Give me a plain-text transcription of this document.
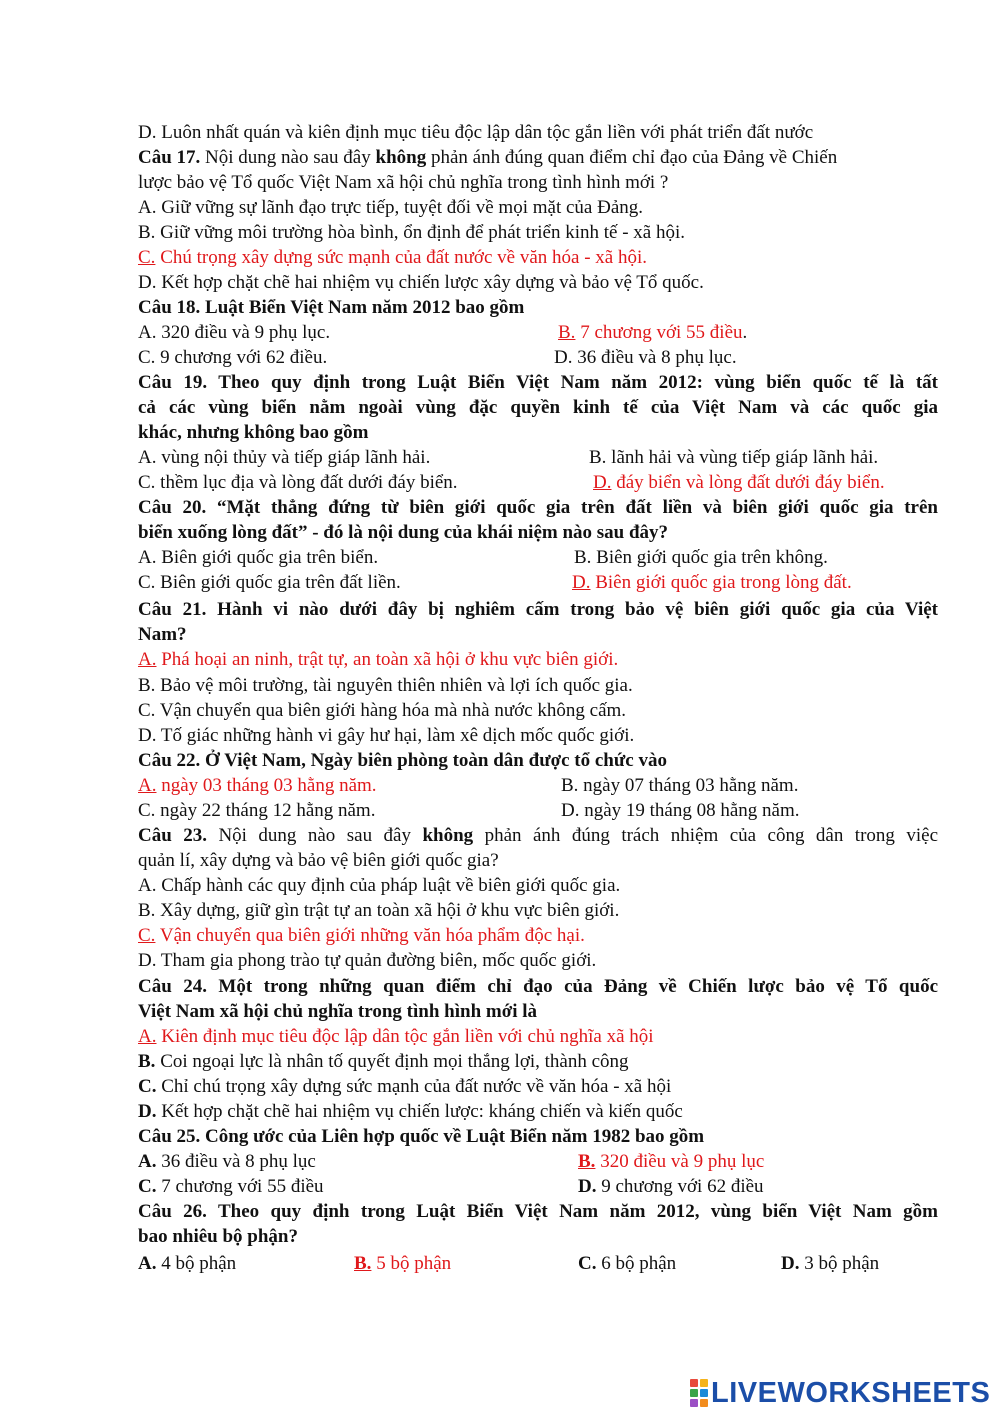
D. Luôn nhất quán và kiên định mục tiêu độc lập dân tộc gắn liền với phát triển đất nước
Câu 17. Nội dung nào sau đây không phản ánh đúng quan điểm chỉ đạo của Đảng về Chiến
lược bảo vệ Tổ quốc Việt Nam xã hội chủ nghĩa trong tình hình mới ?
A. Giữ vững sự lãnh đạo trực tiếp, tuyệt đối về mọi mặt của Đảng.
B. Giữ vững môi trường hòa bình, ổn định để phát triển kinh tế - xã hội.
C. Chú trọng xây dựng sức mạnh của đất nước về văn hóa - xã hội.
D. Kết hợp chặt chẽ hai nhiệm vụ chiến lược xây dựng và bảo vệ Tổ quốc.
Câu 18. Luật Biển Việt Nam năm 2012 bao gồm
A. 320 điều và 9 phụ lục.	B. 7 chương với 55 điều.
C. 9 chương với 62 điều.	D. 36 điều và 8 phụ lục.
Câu 19. Theo quy định trong Luật Biển Việt Nam năm 2012: vùng biển quốc tế là tất
cả các vùng biển nằm ngoài vùng đặc quyền kinh tế của Việt Nam và các quốc gia
khác, nhưng không bao gồm
A. vùng nội thủy và tiếp giáp lãnh hải.	B. lãnh hải và vùng tiếp giáp lãnh hải.
C. thềm lục địa và lòng đất dưới đáy biển.	D. đáy biển và lòng đất dưới đáy biển.
Câu 20. “Mặt thẳng đứng từ biên giới quốc gia trên đất liền và biên giới quốc gia trên
biển xuống lòng đất” - đó là nội dung của khái niệm nào sau đây?
A. Biên giới quốc gia trên biển.	B. Biên giới quốc gia trên không.
C. Biên giới quốc gia trên đất liền.	D. Biên giới quốc gia trong lòng đất.
Câu 21. Hành vi nào dưới đây bị nghiêm cấm trong bảo vệ biên giới quốc gia của Việt
Nam?
A. Phá hoại an ninh, trật tự, an toàn xã hội ở khu vực biên giới.
B. Bảo vệ môi trường, tài nguyên thiên nhiên và lợi ích quốc gia.
C. Vận chuyển qua biên giới hàng hóa mà nhà nước không cấm.
D. Tố giác những hành vi gây hư hại, làm xê dịch mốc quốc giới.
Câu 22. Ở Việt Nam, Ngày biên phòng toàn dân được tổ chức vào
A. ngày 03 tháng 03 hằng năm.	B. ngày 07 tháng 03 hằng năm.
C. ngày 22 tháng 12 hằng năm.	D. ngày 19 tháng 08 hằng năm.
Câu 23. Nội dung nào sau đây không phản ánh đúng trách nhiệm của công dân trong việc
quản lí, xây dựng và bảo vệ biên giới quốc gia?
A. Chấp hành các quy định của pháp luật về biên giới quốc gia.
B. Xây dựng, giữ gìn trật tự an toàn xã hội ở khu vực biên giới.
C. Vận chuyển qua biên giới những văn hóa phẩm độc hại.
D. Tham gia phong trào tự quản đường biên, mốc quốc giới.
Câu 24. Một trong những quan điểm chỉ đạo của Đảng về Chiến lược bảo vệ Tổ quốc
Việt Nam xã hội chủ nghĩa trong tình hình mới là
A. Kiên định mục tiêu độc lập dân tộc gắn liền với chủ nghĩa xã hội
B. Coi ngoại lực là nhân tố quyết định mọi thắng lợi, thành công
C. Chỉ chú trọng xây dựng sức mạnh của đất nước về văn hóa - xã hội
D. Kết hợp chặt chẽ hai nhiệm vụ chiến lược: kháng chiến và kiến quốc
Câu 25. Công ước của Liên hợp quốc về Luật Biển năm 1982 bao gồm
A. 36 điều và 8 phụ lục	B. 320 điều và 9 phụ lục
C. 7 chương với 55 điều	D. 9 chương với 62 điều
Câu 26. Theo quy định trong Luật Biển Việt Nam năm 2012, vùng biển Việt Nam gồm
bao nhiêu bộ phận?
A. 4 bộ phận	B. 5 bộ phận	C. 6 bộ phận	D. 3 bộ phận
LIVEWORKSHEETS
